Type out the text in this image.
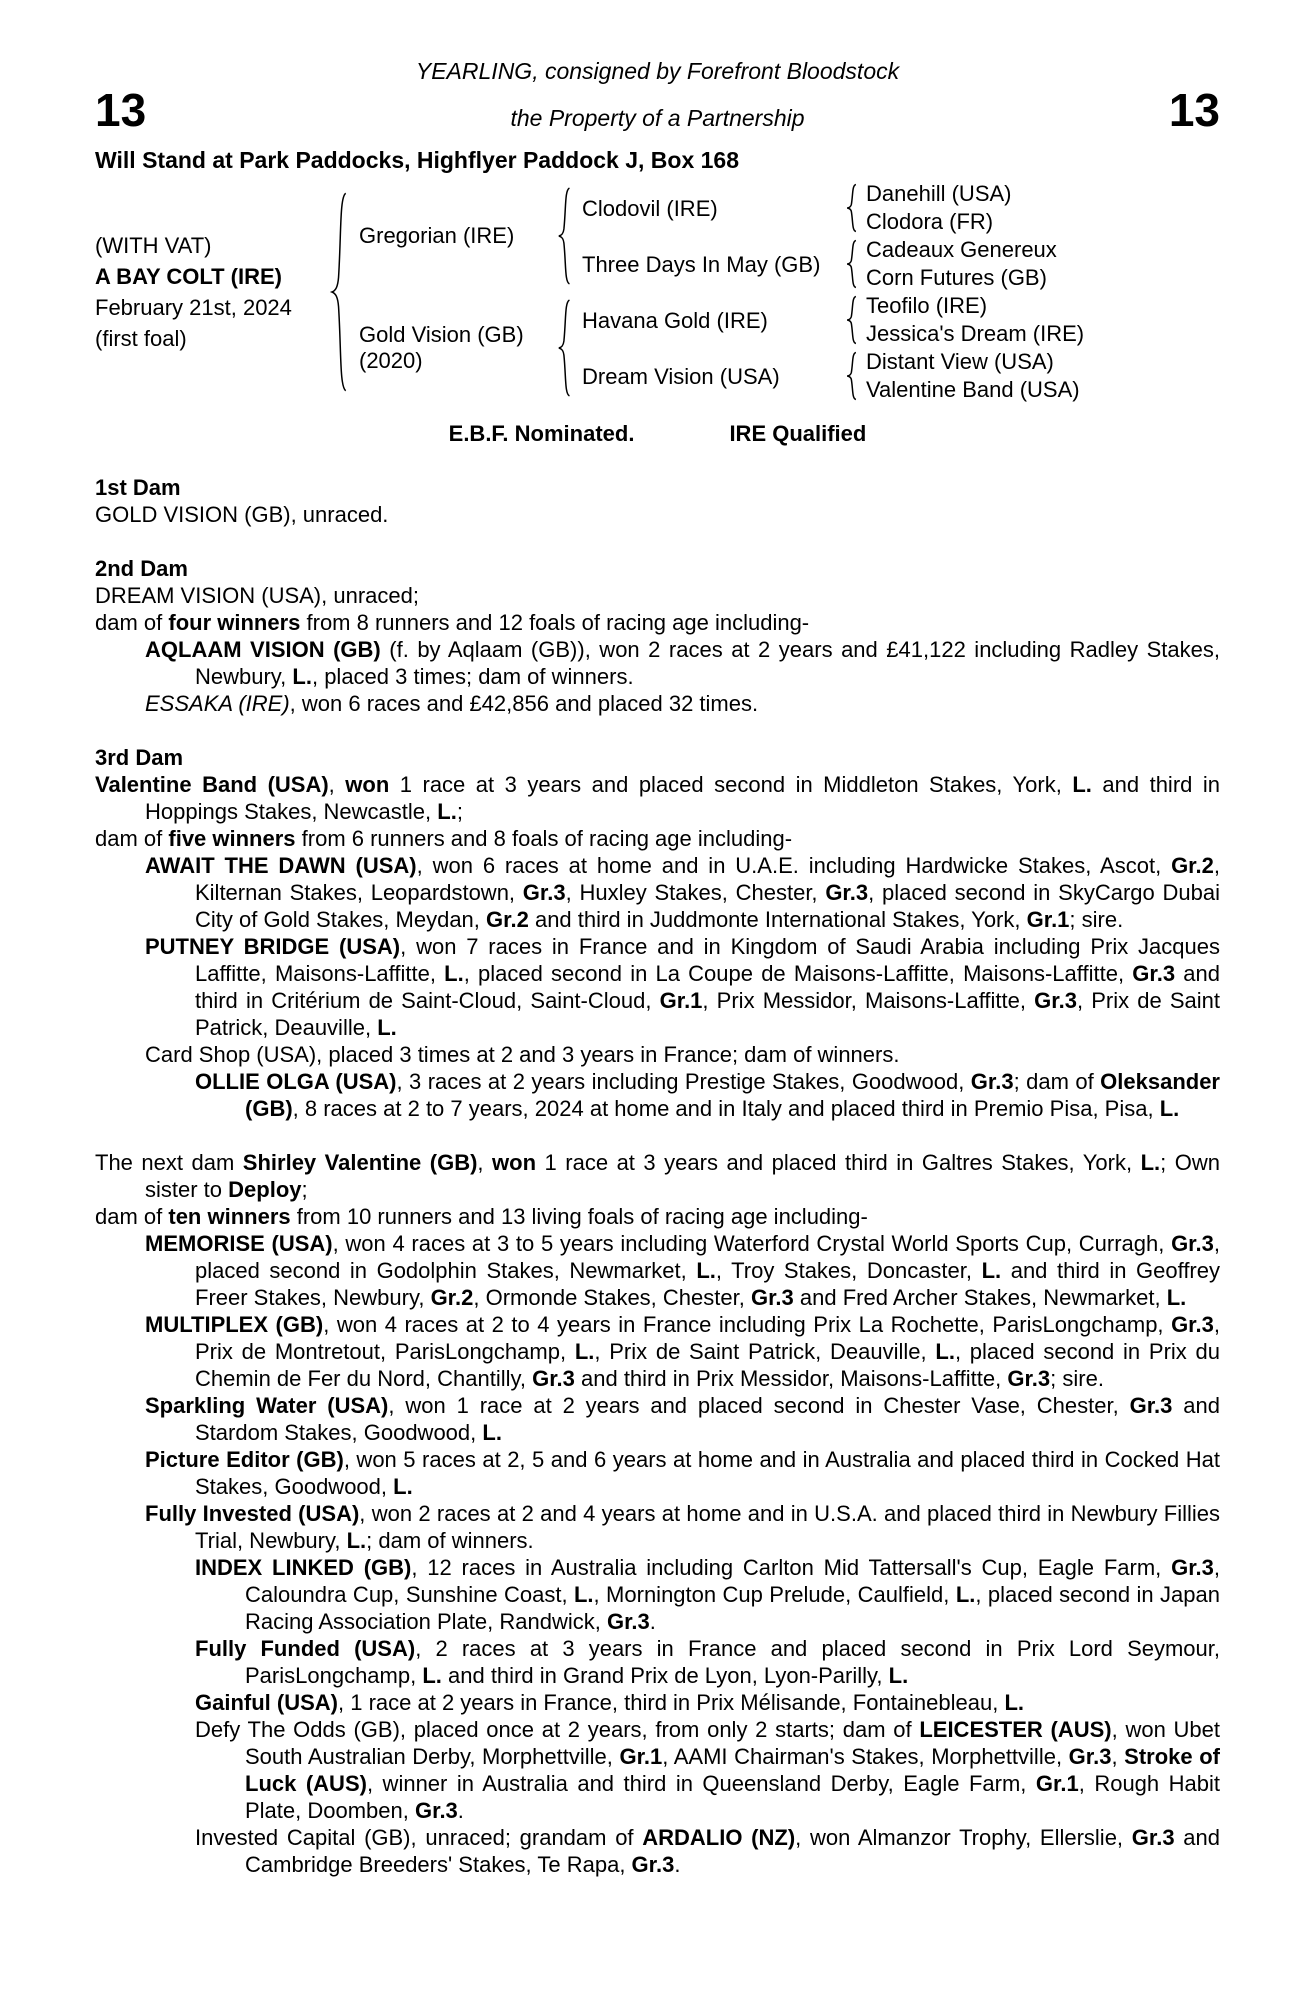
YEARLING, consigned by Forefront Bloodstock
13	the Property of a Partnership	13
Will Stand at Park Paddocks, Highflyer Paddock J, Box 168
(WITH VAT)
A BAY COLT (IRE)
February 21st, 2024
(first foal)
Gregorian (IRE)
Clodovil (IRE)
Danehill (USA)
Clodora (FR)
Three Days In May (GB)
Cadeaux Genereux
Corn Futures (GB)
Gold Vision (GB)
(2020)
Havana Gold (IRE)
Teofilo (IRE)
Jessica's Dream (IRE)
Dream Vision (USA)
Distant View (USA)
Valentine Band (USA)
E.B.F. Nominated.	IRE Qualified
1st Dam

GOLD VISION (GB), unraced.

2nd Dam

DREAM VISION (USA), unraced;

dam of four winners from 8 runners and 12 foals of racing age including-

AQLAAM VISION (GB) (f. by Aqlaam (GB)), won 2 races at 2 years and £41,122 including Radley Stakes, Newbury, L., placed 3 times; dam of winners.

ESSAKA (IRE), won 6 races and £42,856 and placed 32 times.

3rd Dam

Valentine Band (USA), won 1 race at 3 years and placed second in Middleton Stakes, York, L. and third in Hoppings Stakes, Newcastle, L.;

dam of five winners from 6 runners and 8 foals of racing age including-

AWAIT THE DAWN (USA), won 6 races at home and in U.A.E. including Hardwicke Stakes, Ascot, Gr.2, Kilternan Stakes, Leopardstown, Gr.3, Huxley Stakes, Chester, Gr.3, placed second in SkyCargo Dubai City of Gold Stakes, Meydan, Gr.2 and third in Juddmonte International Stakes, York, Gr.1; sire.

PUTNEY BRIDGE (USA), won 7 races in France and in Kingdom of Saudi Arabia including Prix Jacques Laffitte, Maisons-Laffitte, L., placed second in La Coupe de Maisons-Laffitte, Maisons-Laffitte, Gr.3 and third in Critérium de Saint-Cloud, Saint-Cloud, Gr.1, Prix Messidor, Maisons-Laffitte, Gr.3, Prix de Saint Patrick, Deauville, L.

Card Shop (USA), placed 3 times at 2 and 3 years in France; dam of winners.

OLLIE OLGA (USA), 3 races at 2 years including Prestige Stakes, Goodwood, Gr.3; dam of Oleksander (GB), 8 races at 2 to 7 years, 2024 at home and in Italy and placed third in Premio Pisa, Pisa, L.

The next dam Shirley Valentine (GB), won 1 race at 3 years and placed third in Galtres Stakes, York, L.; Own sister to Deploy;

dam of ten winners from 10 runners and 13 living foals of racing age including-

MEMORISE (USA), won 4 races at 3 to 5 years including Waterford Crystal World Sports Cup, Curragh, Gr.3, placed second in Godolphin Stakes, Newmarket, L., Troy Stakes, Doncaster, L. and third in Geoffrey Freer Stakes, Newbury, Gr.2, Ormonde Stakes, Chester, Gr.3 and Fred Archer Stakes, Newmarket, L.

MULTIPLEX (GB), won 4 races at 2 to 4 years in France including Prix La Rochette, ParisLongchamp, Gr.3, Prix de Montretout, ParisLongchamp, L., Prix de Saint Patrick, Deauville, L., placed second in Prix du Chemin de Fer du Nord, Chantilly, Gr.3 and third in Prix Messidor, Maisons-Laffitte, Gr.3; sire.

Sparkling Water (USA), won 1 race at 2 years and placed second in Chester Vase, Chester, Gr.3 and Stardom Stakes, Goodwood, L.

Picture Editor (GB), won 5 races at 2, 5 and 6 years at home and in Australia and placed third in Cocked Hat Stakes, Goodwood, L.

Fully Invested (USA), won 2 races at 2 and 4 years at home and in U.S.A. and placed third in Newbury Fillies Trial, Newbury, L.; dam of winners.

INDEX LINKED (GB), 12 races in Australia including Carlton Mid Tattersall's Cup, Eagle Farm, Gr.3, Caloundra Cup, Sunshine Coast, L., Mornington Cup Prelude, Caulfield, L., placed second in Japan Racing Association Plate, Randwick, Gr.3.

Fully Funded (USA), 2 races at 3 years in France and placed second in Prix Lord Seymour, ParisLongchamp, L. and third in Grand Prix de Lyon, Lyon-Parilly, L.

Gainful (USA), 1 race at 2 years in France, third in Prix Mélisande, Fontainebleau, L.

Defy The Odds (GB), placed once at 2 years, from only 2 starts; dam of LEICESTER (AUS), won Ubet South Australian Derby, Morphettville, Gr.1, AAMI Chairman's Stakes, Morphettville, Gr.3, Stroke of Luck (AUS), winner in Australia and third in Queensland Derby, Eagle Farm, Gr.1, Rough Habit Plate, Doomben, Gr.3.

Invested Capital (GB), unraced; grandam of ARDALIO (NZ), won Almanzor Trophy, Ellerslie, Gr.3 and Cambridge Breeders' Stakes, Te Rapa, Gr.3.
